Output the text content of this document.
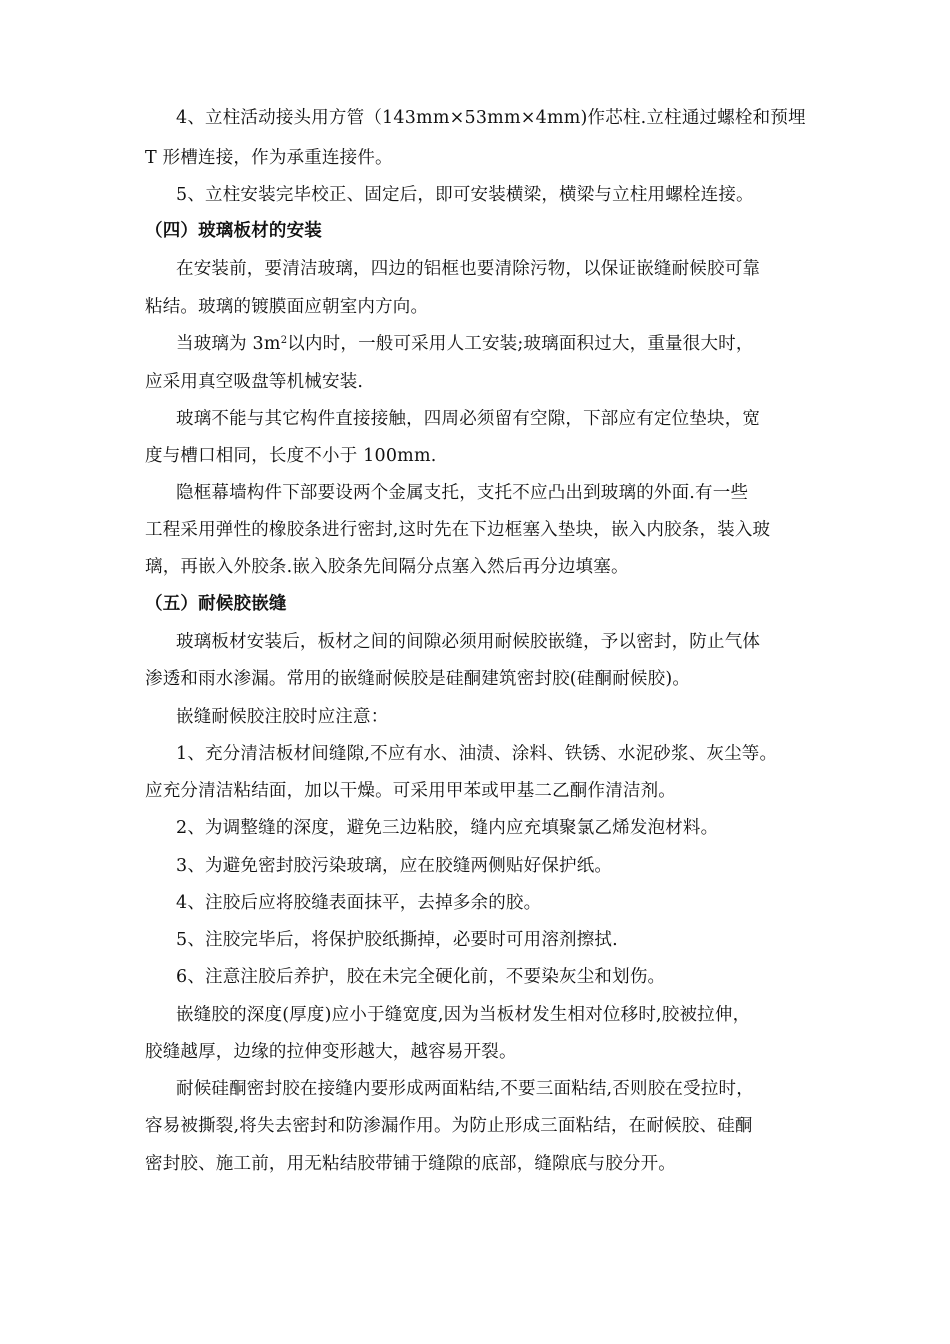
4、立柱活动接头用方管（143mm×53mm×4mm)作芯柱.立柱通过螺栓和预埋
T 形槽连接，作为承重连接件。
5、立柱安装完毕校正、固定后，即可安装横梁，横梁与立柱用螺栓连接。
（四）玻璃板材的安装
在安装前，要清洁玻璃，四边的铝框也要清除污物，以保证嵌缝耐候胶可靠
粘结。玻璃的镀膜面应朝室内方向。
当玻璃为 $3m^2$以内时，一般可采用人工安装;玻璃面积过大，重量很大时，
应采用真空吸盘等机械安装.
玻璃不能与其它构件直接接触，四周必须留有空隙，下部应有定位垫块，宽
度与槽口相同，长度不小于 100mm.
隐框幕墙构件下部要设两个金属支托，支托不应凸出到玻璃的外面.有一些
工程采用弹性的橡胶条进行密封,这时先在下边框塞入垫块，嵌入内胶条，装入玻
璃，再嵌入外胶条.嵌入胶条先间隔分点塞入然后再分边填塞。
（五）耐候胶嵌缝
玻璃板材安装后，板材之间的间隙必须用耐候胶嵌缝，予以密封，防止气体
渗透和雨水渗漏。常用的嵌缝耐候胶是硅酮建筑密封胶(硅酮耐候胶)。
嵌缝耐候胶注胶时应注意：
1、充分清洁板材间缝隙,不应有水、油渍、涂料、铁锈、水泥砂浆、灰尘等。
应充分清洁粘结面，加以干燥。可采用甲苯或甲基二乙酮作清洁剂。
2、为调整缝的深度，避免三边粘胶，缝内应充填聚氯乙烯发泡材料。
3、为避免密封胶污染玻璃，应在胶缝两侧贴好保护纸。
4、注胶后应将胶缝表面抹平，去掉多余的胶。
5、注胶完毕后，将保护胶纸撕掉，必要时可用溶剂擦拭.
6、注意注胶后养护，胶在未完全硬化前，不要染灰尘和划伤。
嵌缝胶的深度(厚度)应小于缝宽度,因为当板材发生相对位移时,胶被拉伸，
胶缝越厚，边缘的拉伸变形越大，越容易开裂。
耐候硅酮密封胶在接缝内要形成两面粘结,不要三面粘结,否则胶在受拉时，
容易被撕裂,将失去密封和防渗漏作用。为防止形成三面粘结，在耐候胶、硅酮
密封胶、施工前，用无粘结胶带铺于缝隙的底部，缝隙底与胶分开。
